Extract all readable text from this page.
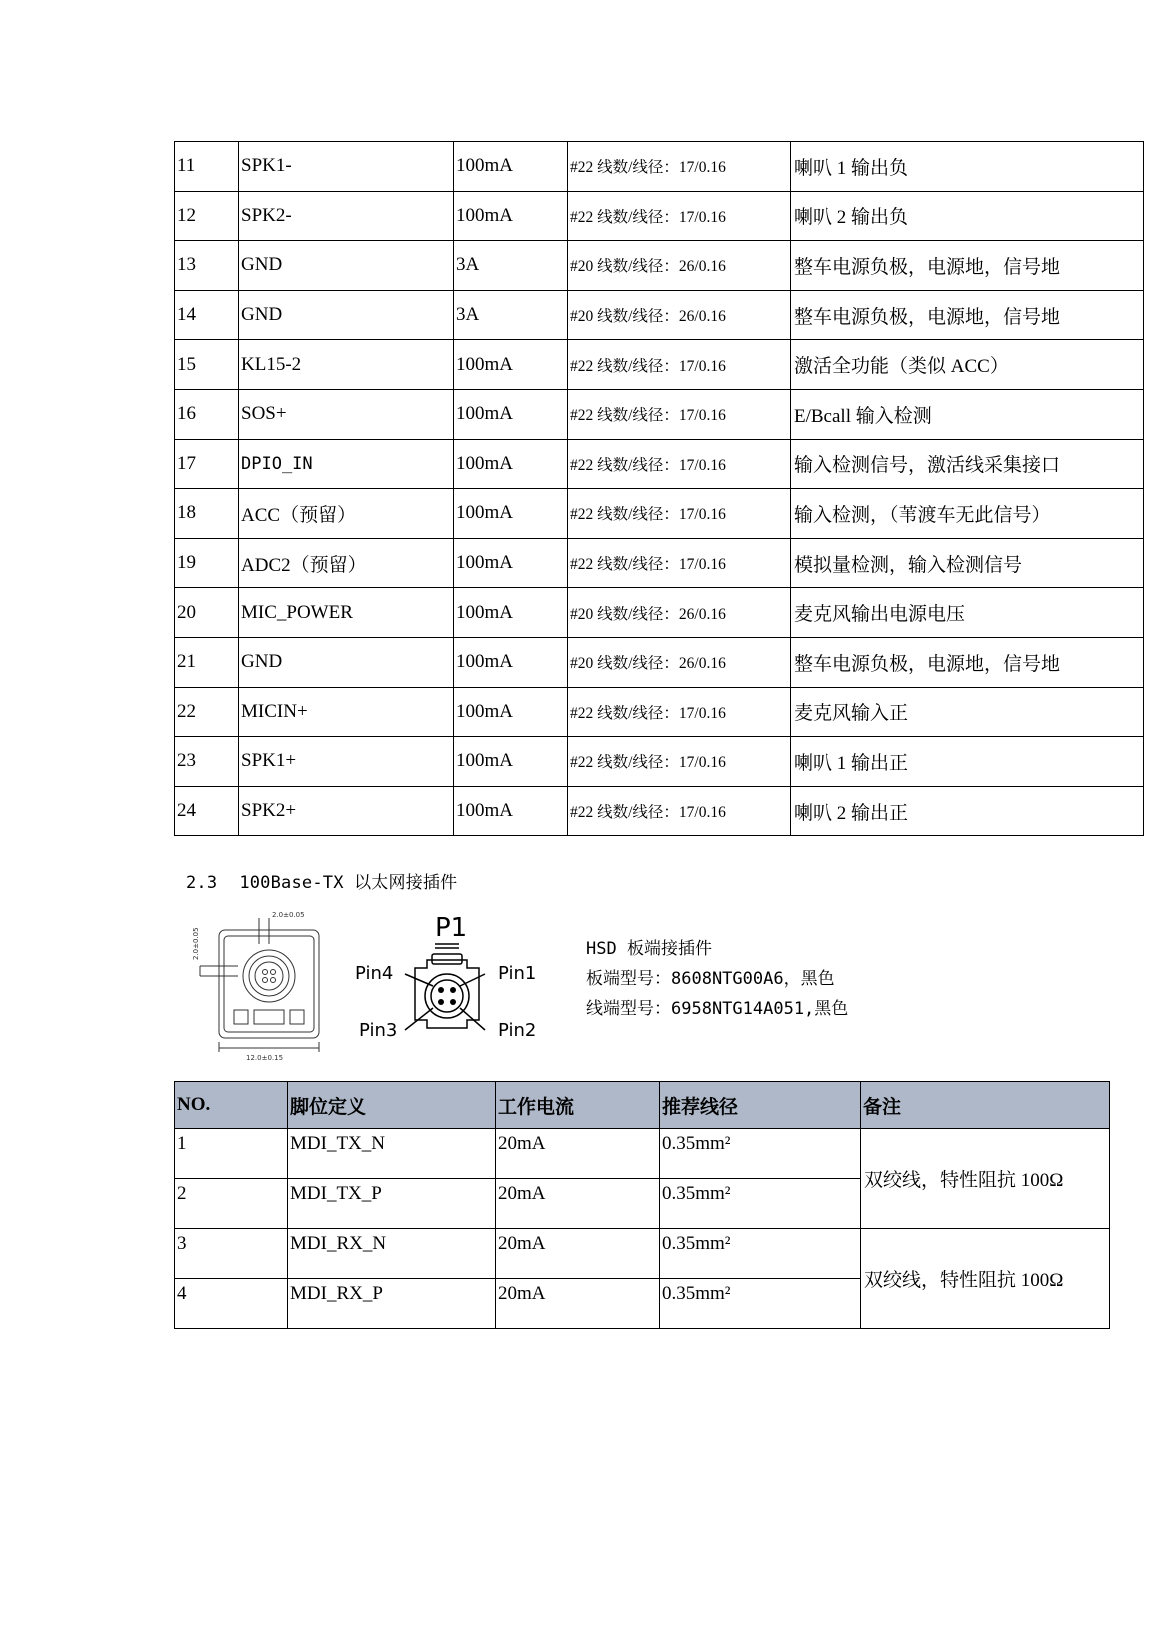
11	SPK1-	100mA	#22 线数/线径：17/0.16	喇叭 1 输出负
12	SPK2-	100mA	#22 线数/线径：17/0.16	喇叭 2 输出负
13	GND	3A	#20 线数/线径：26/0.16	整车电源负极，电源地，信号地
14	GND	3A	#20 线数/线径：26/0.16	整车电源负极，电源地，信号地
15	KL15-2	100mA	#22 线数/线径：17/0.16	激活全功能（类似 ACC）
16	SOS+	100mA	#22 线数/线径：17/0.16	E/Bcall 输入检测
17	DPIO_IN	100mA	#22 线数/线径：17/0.16	输入检测信号，激活线采集接口
18	ACC（预留）	100mA	#22 线数/线径：17/0.16	输入检测，（苇渡车无此信号）
19	ADC2（预留）	100mA	#22 线数/线径：17/0.16	模拟量检测，输入检测信号
20	MIC_POWER	100mA	#20 线数/线径：26/0.16	麦克风输出电源电压
21	GND	100mA	#20 线数/线径：26/0.16	整车电源负极，电源地，信号地
22	MICIN+	100mA	#22 线数/线径：17/0.16	麦克风输入正
23	SPK1+	100mA	#22 线数/线径：17/0.16	喇叭 1 输出正
24	SPK2+	100mA	#22 线数/线径：17/0.16	喇叭 2 输出正
2.3 100Base-TX 以太网接插件
2.0±0.05
2.0±0.05
12.0±0.15
P1
Pin4	Pin1
Pin3	Pin2
HSD 板端接插件
板端型号：8608NTG00A6，黑色
线端型号：6958NTG14A051,黑色
NO.	脚位定义	工作电流	推荐线径	备注
1	MDI_TX_N	20mA	0.35mm²	双绞线，特性阻抗 100Ω
2	MDI_TX_P	20mA	0.35mm²	
3	MDI_RX_N	20mA	0.35mm²	双绞线，特性阻抗 100Ω
4	MDI_RX_P	20mA	0.35mm²	
